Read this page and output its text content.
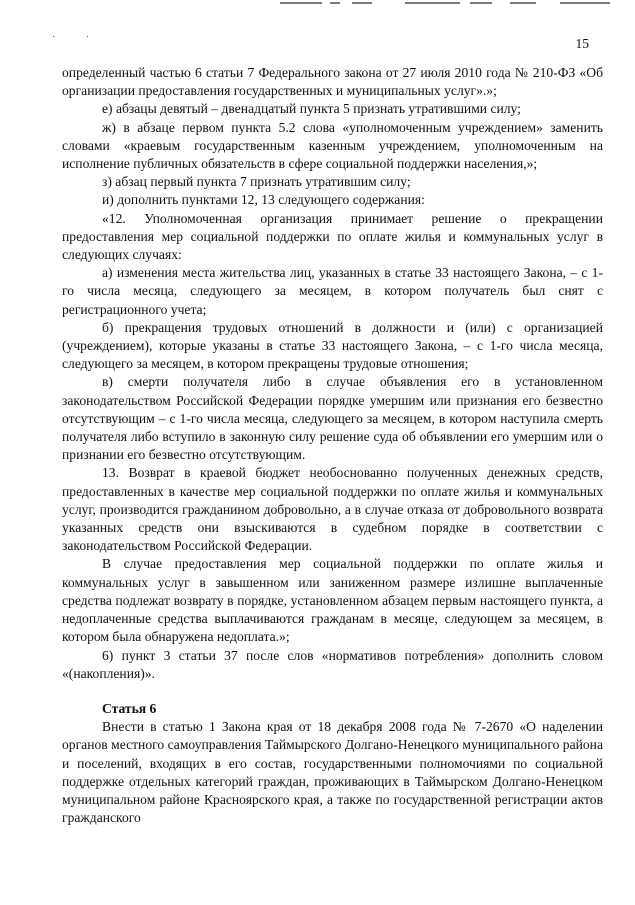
· ·	15

определенный частью 6 статьи 7 Федерального закона от 27 июля 2010 года № 210-ФЗ «Об организации предоставления государственных и муниципальных услуг».»;

е) абзацы девятый – двенадцатый пункта 5 признать утратившими силу;

ж) в абзаце первом пункта 5.2 слова «уполномоченным учреждением» заменить словами «краевым государственным казенным учреждением, уполномоченным на исполнение публичных обязательств в сфере социальной поддержки населения,»;

з) абзац первый пункта 7 признать утратившим силу;

и) дополнить пунктами 12, 13 следующего содержания:

«12. Уполномоченная организация принимает решение о прекращении предоставления мер социальной поддержки по оплате жилья и коммунальных услуг в следующих случаях:

а) изменения места жительства лиц, указанных в статье 33 настоящего Закона, – с 1-го числа месяца, следующего за месяцем, в котором получатель был снят с регистрационного учета;

б) прекращения трудовых отношений в должности и (или) с организацией (учреждением), которые указаны в статье 33 настоящего Закона, – с 1-го числа месяца, следующего за месяцем, в котором прекращены трудовые отношения;

в) смерти получателя либо в случае объявления его в установленном законодательством Российской Федерации порядке умершим или признания его безвестно отсутствующим – с 1-го числа месяца, следующего за месяцем, в котором наступила смерть получателя либо вступило в законную силу решение суда об объявлении его умершим или о признании его безвестно отсутствующим.

13. Возврат в краевой бюджет необоснованно полученных денежных средств, предоставленных в качестве мер социальной поддержки по оплате жилья и коммунальных услуг, производится гражданином добровольно, а в случае отказа от добровольного возврата указанных средств они взыскиваются в судебном порядке в соответствии с законодательством Российской Федерации.

В случае предоставления мер социальной поддержки по оплате жилья и коммунальных услуг в завышенном или заниженном размере излишне выплаченные средства подлежат возврату в порядке, установленном абзацем первым настоящего пункта, а недоплаченные средства выплачиваются гражданам в месяце, следующем за месяцем, в котором была обнаружена недоплата.»;

6) пункт 3 статьи 37 после слов «нормативов потребления» дополнить словом «(накопления)».

Статья 6

Внести в статью 1 Закона края от 18 декабря 2008 года № 7-2670 «О наделении органов местного самоуправления Таймырского Долгано-Ненецкого муниципального района и поселений, входящих в его состав, государственными полномочиями по социальной поддержке отдельных категорий граждан, проживающих в Таймырском Долгано-Ненецком муниципальном районе Красноярского края, а также по государственной регистрации актов гражданского
